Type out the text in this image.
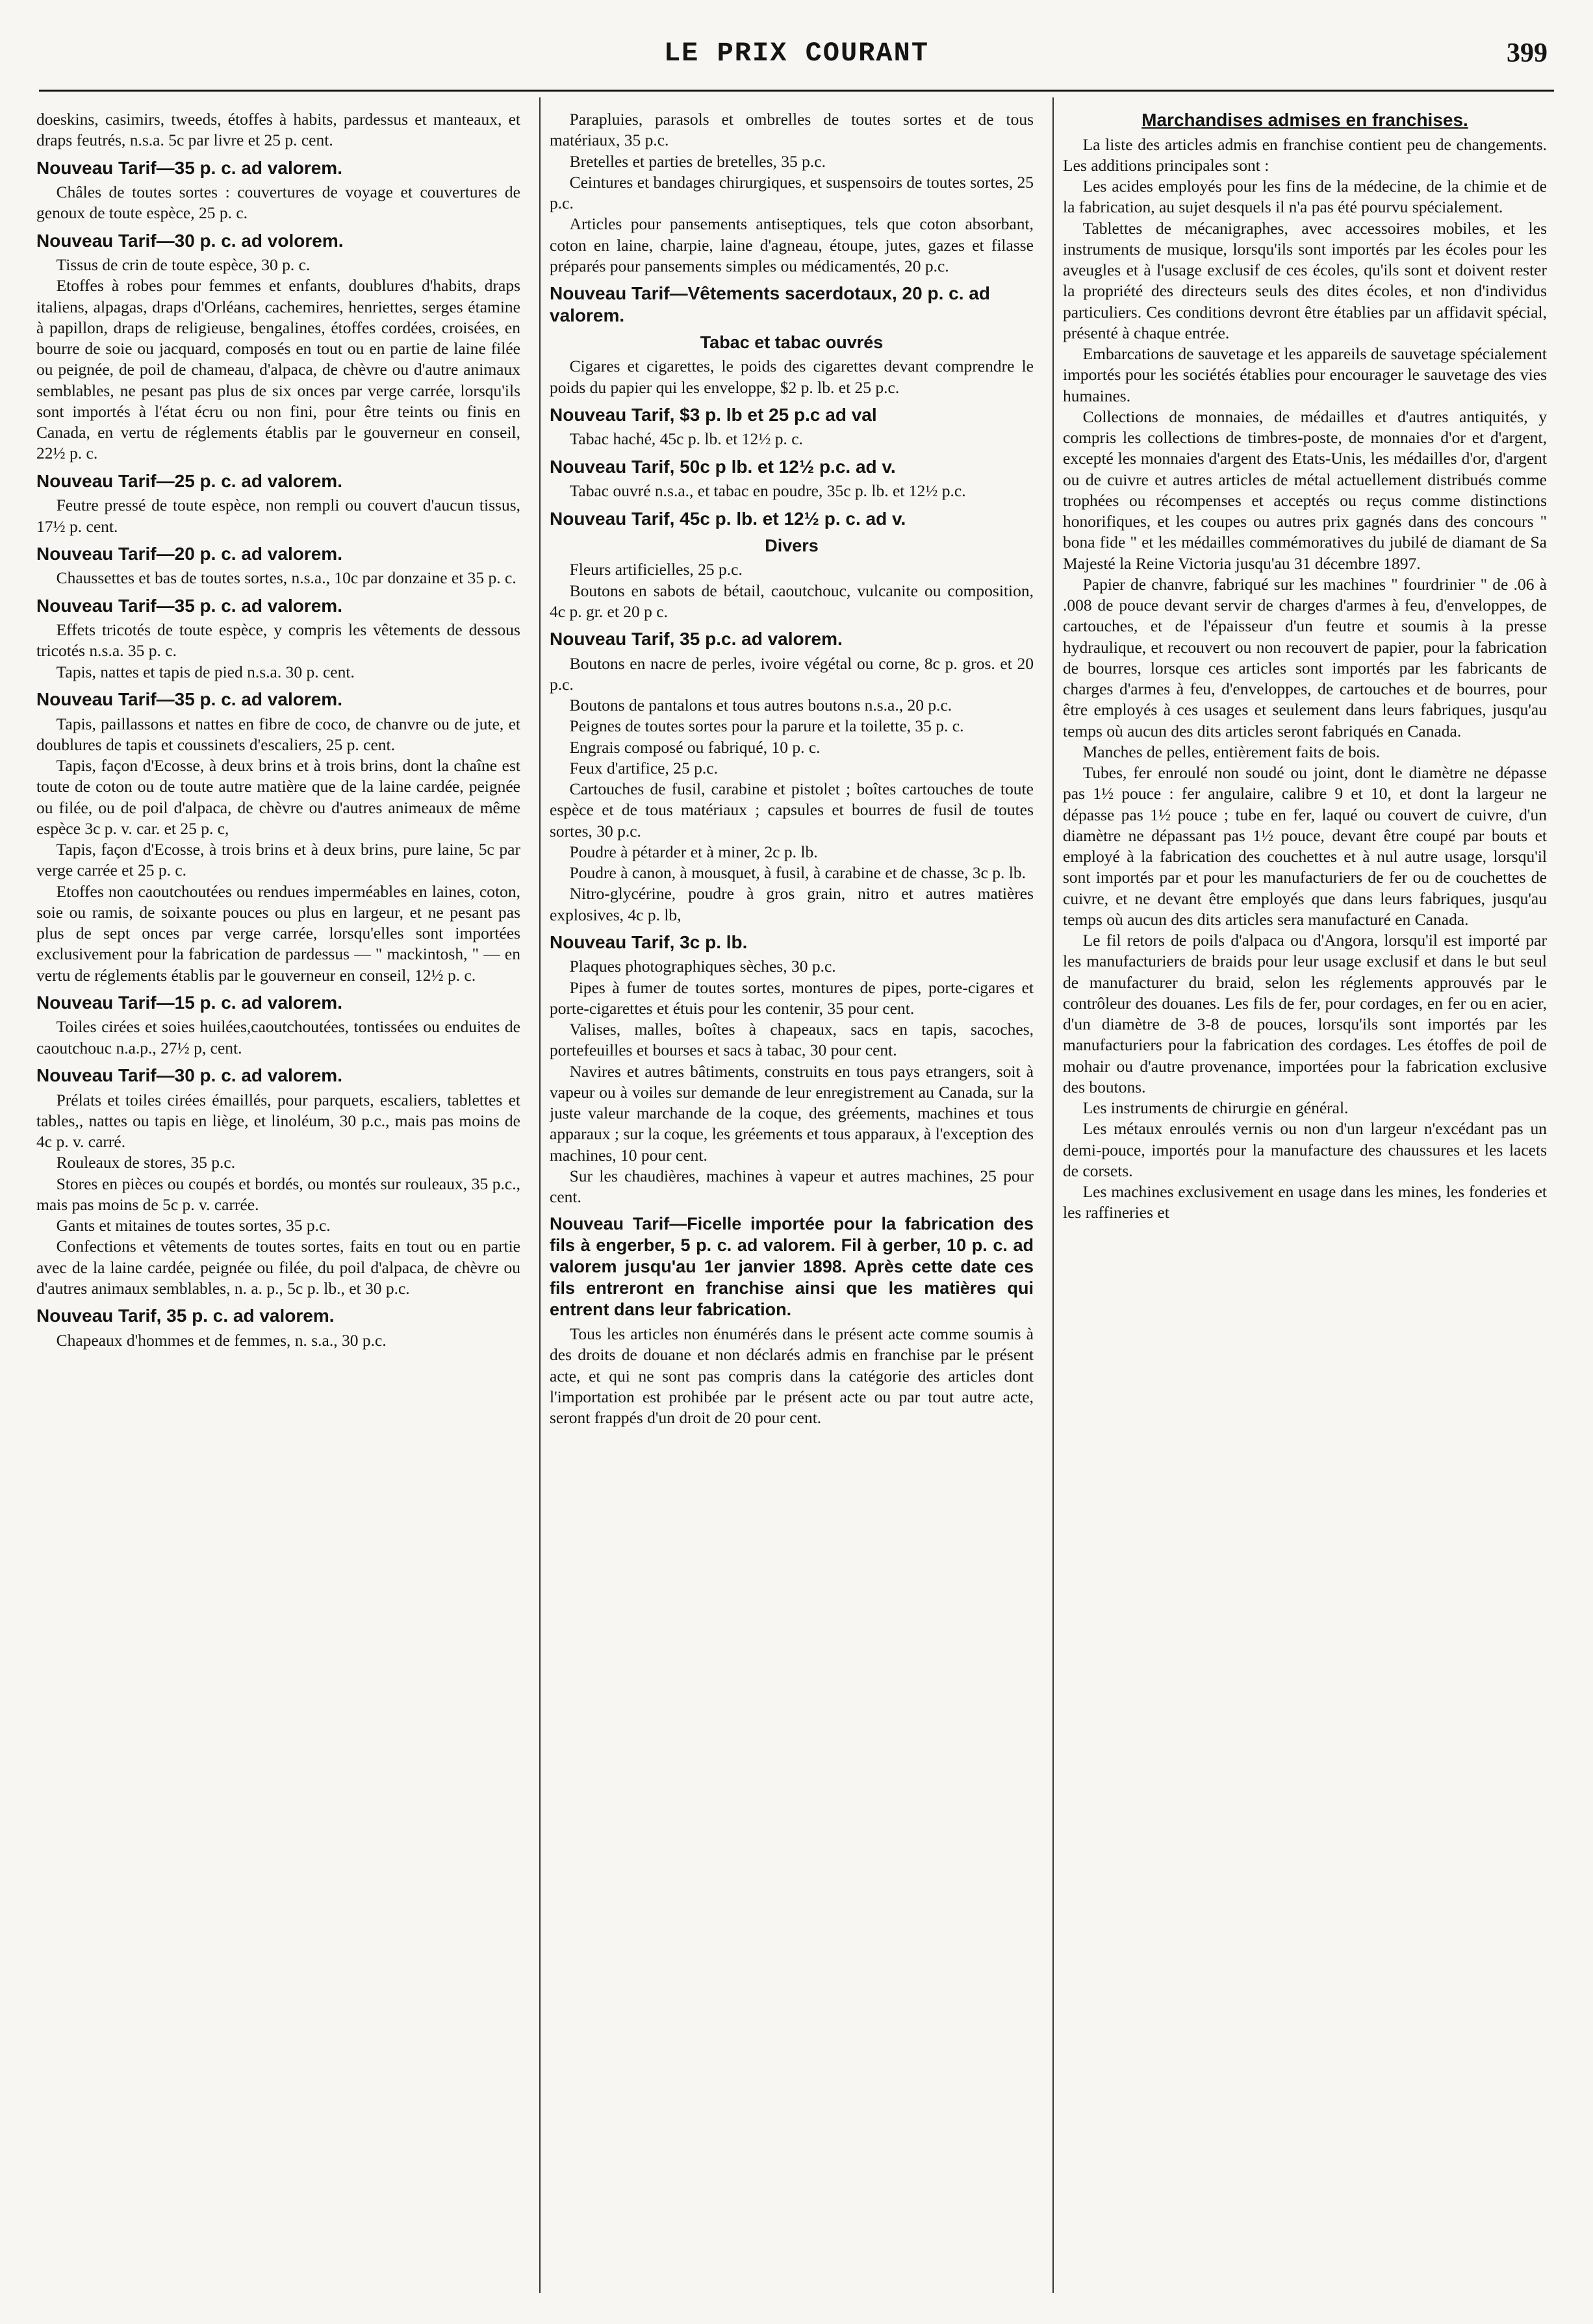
LE PRIX COURANT	399

doeskins, casimirs, tweeds, étoffes à habits, pardessus et manteaux, et draps feutrés, n.s.a. 5c par livre et 25 p. cent.

Nouveau Tarif—35 p. c. ad valorem.

Châles de toutes sortes : couvertures de voyage et couvertures de genoux de toute espèce, 25 p. c.

Nouveau Tarif—30 p. c. ad volorem.

Tissus de crin de toute espèce, 30 p. c.

Etoffes à robes pour femmes et enfants, doublures d'habits, draps italiens, alpagas, draps d'Orléans, cachemires, henriettes, serges étamine à papillon, draps de religieuse, bengalines, étoffes cordées, croisées, en bourre de soie ou jacquard, composés en tout ou en partie de laine filée ou peignée, de poil de chameau, d'alpaca, de chèvre ou d'autre animaux semblables, ne pesant pas plus de six onces par verge carrée, lorsqu'ils sont importés à l'état écru ou non fini, pour être teints ou finis en Canada, en vertu de réglements établis par le gouverneur en conseil, 22½ p. c.

Nouveau Tarif—25 p. c. ad valorem.

Feutre pressé de toute espèce, non rempli ou couvert d'aucun tissus, 17½ p. cent.

Nouveau Tarif—20 p. c. ad valorem.

Chaussettes et bas de toutes sortes, n.s.a., 10c par donzaine et 35 p. c.

Nouveau Tarif—35 p. c. ad valorem.

Effets tricotés de toute espèce, y compris les vêtements de dessous tricotés n.s.a. 35 p. c.

Tapis, nattes et tapis de pied n.s.a. 30 p. cent.

Nouveau Tarif—35 p. c. ad valorem.

Tapis, paillassons et nattes en fibre de coco, de chanvre ou de jute, et doublures de tapis et coussinets d'escaliers, 25 p. cent.

Tapis, façon d'Ecosse, à deux brins et à trois brins, dont la chaîne est toute de coton ou de toute autre matière que de la laine cardée, peignée ou filée, ou de poil d'alpaca, de chèvre ou d'autres animeaux de même espèce 3c p. v. car. et 25 p. c,

Tapis, façon d'Ecosse, à trois brins et à deux brins, pure laine, 5c par verge carrée et 25 p. c.

Etoffes non caoutchoutées ou rendues imperméables en laines, coton, soie ou ramis, de soixante pouces ou plus en largeur, et ne pesant pas plus de sept onces par verge carrée, lorsqu'elles sont importées exclusivement pour la fabrication de pardessus — " mackintosh, " — en vertu de réglements établis par le gouverneur en conseil, 12½ p. c.

Nouveau Tarif—15 p. c. ad valorem.

Toiles cirées et soies huilées,caoutchoutées, tontissées ou enduites de caoutchouc n.a.p., 27½ p, cent.

Nouveau Tarif—30 p. c. ad valorem.

Prélats et toiles cirées émaillés, pour parquets, escaliers, tablettes et tables,, nattes ou tapis en liège, et linoléum, 30 p.c., mais pas moins de 4c p. v. carré.

Rouleaux de stores, 35 p.c.

Stores en pièces ou coupés et bordés, ou montés sur rouleaux, 35 p.c., mais pas moins de 5c p. v. carrée.

Gants et mitaines de toutes sortes, 35 p.c.

Confections et vêtements de toutes sortes, faits en tout ou en partie avec de la laine cardée, peignée ou filée, du poil d'alpaca, de chèvre ou d'autres animaux semblables, n. a. p., 5c p. lb., et 30 p.c.

Nouveau Tarif, 35 p. c. ad valorem.

Chapeaux d'hommes et de femmes, n. s.a., 30 p.c.

Parapluies, parasols et ombrelles de toutes sortes et de tous matériaux, 35 p.c.

Bretelles et parties de bretelles, 35 p.c.

Ceintures et bandages chirurgiques, et suspensoirs de toutes sortes, 25 p.c.

Articles pour pansements antiseptiques, tels que coton absorbant, coton en laine, charpie, laine d'agneau, étoupe, jutes, gazes et filasse préparés pour pansements simples ou médicamentés, 20 p.c.

Nouveau Tarif—Vêtements sacerdotaux, 20 p. c. ad valorem.
Tabac et tabac ouvrés

Cigares et cigarettes, le poids des cigarettes devant comprendre le poids du papier qui les enveloppe, $2 p. lb. et 25 p.c.

Nouveau Tarif, $3 p. lb et 25 p.c ad val

Tabac haché, 45c p. lb. et 12½ p. c.

Nouveau Tarif, 50c p lb. et 12½ p.c. ad v.

Tabac ouvré n.s.a., et tabac en poudre, 35c p. lb. et 12½ p.c.

Nouveau Tarif, 45c p. lb. et 12½ p. c. ad v.
Divers

Fleurs artificielles, 25 p.c.

Boutons en sabots de bétail, caoutchouc, vulcanite ou composition, 4c p. gr. et 20 p c.

Nouveau Tarif, 35 p.c. ad valorem.

Boutons en nacre de perles, ivoire végétal ou corne, 8c p. gros. et 20 p.c.

Boutons de pantalons et tous autres boutons n.s.a., 20 p.c.

Peignes de toutes sortes pour la parure et la toilette, 35 p. c.

Engrais composé ou fabriqué, 10 p. c.

Feux d'artifice, 25 p.c.

Cartouches de fusil, carabine et pistolet ; boîtes cartouches de toute espèce et de tous matériaux ; capsules et bourres de fusil de toutes sortes, 30 p.c.

Poudre à pétarder et à miner, 2c p. lb.

Poudre à canon, à mousquet, à fusil, à carabine et de chasse, 3c p. lb.

Nitro-glycérine, poudre à gros grain, nitro et autres matières explosives, 4c p. lb,

Nouveau Tarif, 3c p. lb.

Plaques photographiques sèches, 30 p.c.

Pipes à fumer de toutes sortes, montures de pipes, porte-cigares et porte-cigarettes et étuis pour les contenir, 35 pour cent.

Valises, malles, boîtes à chapeaux, sacs en tapis, sacoches, portefeuilles et bourses et sacs à tabac, 30 pour cent.

Navires et autres bâtiments, construits en tous pays etrangers, soit à vapeur ou à voiles sur demande de leur enregistrement au Canada, sur la juste valeur marchande de la coque, des gréements, machines et tous apparaux ; sur la coque, les gréements et tous apparaux, à l'exception des machines, 10 pour cent.

Sur les chaudières, machines à vapeur et autres machines, 25 pour cent.

Nouveau Tarif—Ficelle importée pour la fabrication des fils à engerber, 5 p. c. ad valorem. Fil à gerber, 10 p. c. ad valorem jusqu'au 1er janvier 1898. Après cette date ces fils entreront en franchise ainsi que les matières qui entrent dans leur fabrication.

Tous les articles non énumérés dans le présent acte comme soumis à des droits de douane et non déclarés admis en franchise par le présent acte, et qui ne sont pas compris dans la catégorie des articles dont l'importation est prohibée par le présent acte ou par tout autre acte, seront frappés d'un droit de 20 pour cent.

Marchandises admises en franchises.

La liste des articles admis en franchise contient peu de changements. Les additions principales sont :

Les acides employés pour les fins de la médecine, de la chimie et de la fabrication, au sujet desquels il n'a pas été pourvu spécialement.

Tablettes de mécanigraphes, avec accessoires mobiles, et les instruments de musique, lorsqu'ils sont importés par les écoles pour les aveugles et à l'usage exclusif de ces écoles, qu'ils sont et doivent rester la propriété des directeurs seuls des dites écoles, et non d'individus particuliers. Ces conditions devront être établies par un affidavit spécial, présenté à chaque entrée.

Embarcations de sauvetage et les appareils de sauvetage spécialement importés pour les sociétés établies pour encourager le sauvetage des vies humaines.

Collections de monnaies, de médailles et d'autres antiquités, y compris les collections de timbres-poste, de monnaies d'or et d'argent, excepté les monnaies d'argent des Etats-Unis, les médailles d'or, d'argent ou de cuivre et autres articles de métal actuellement distribués comme trophées ou récompenses et acceptés ou reçus comme distinctions honorifiques, et les coupes ou autres prix gagnés dans des concours " bona fide " et les médailles commémoratives du jubilé de diamant de Sa Majesté la Reine Victoria jusqu'au 31 décembre 1897.

Papier de chanvre, fabriqué sur les machines " fourdrinier " de .06 à .008 de pouce devant servir de charges d'armes à feu, d'enveloppes, de cartouches, et de l'épaisseur d'un feutre et soumis à la presse hydraulique, et recouvert ou non recouvert de papier, pour la fabrication de bourres, lorsque ces articles sont importés par les fabricants de charges d'armes à feu, d'enveloppes, de cartouches et de bourres, pour être employés à ces usages et seulement dans leurs fabriques, jusqu'au temps où aucun des dits articles seront fabriqués en Canada.

Manches de pelles, entièrement faits de bois.

Tubes, fer enroulé non soudé ou joint, dont le diamètre ne dépasse pas 1½ pouce : fer angulaire, calibre 9 et 10, et dont la largeur ne dépasse pas 1½ pouce ; tube en fer, laqué ou couvert de cuivre, d'un diamètre ne dépassant pas 1½ pouce, devant être coupé par bouts et employé à la fabrication des couchettes et à nul autre usage, lorsqu'il sont importés par et pour les manufacturiers de fer ou de couchettes de cuivre, et ne devant être employés que dans leurs fabriques, jusqu'au temps où aucun des dits articles sera manufacturé en Canada.

Le fil retors de poils d'alpaca ou d'Angora, lorsqu'il est importé par les manufacturiers de braids pour leur usage exclusif et dans le but seul de manufacturer du braid, selon les réglements approuvés par le contrôleur des douanes. Les fils de fer, pour cordages, en fer ou en acier, d'un diamètre de 3-8 de pouces, lorsqu'ils sont importés par les manufacturiers pour la fabrication des cordages. Les étoffes de poil de mohair ou d'autre provenance, importées pour la fabrication exclusive des boutons.

Les instruments de chirurgie en général.

Les métaux enroulés vernis ou non d'un largeur n'excédant pas un demi-pouce, importés pour la manufacture des chaussures et les lacets de corsets.

Les machines exclusivement en usage dans les mines, les fonderies et les raffineries et
